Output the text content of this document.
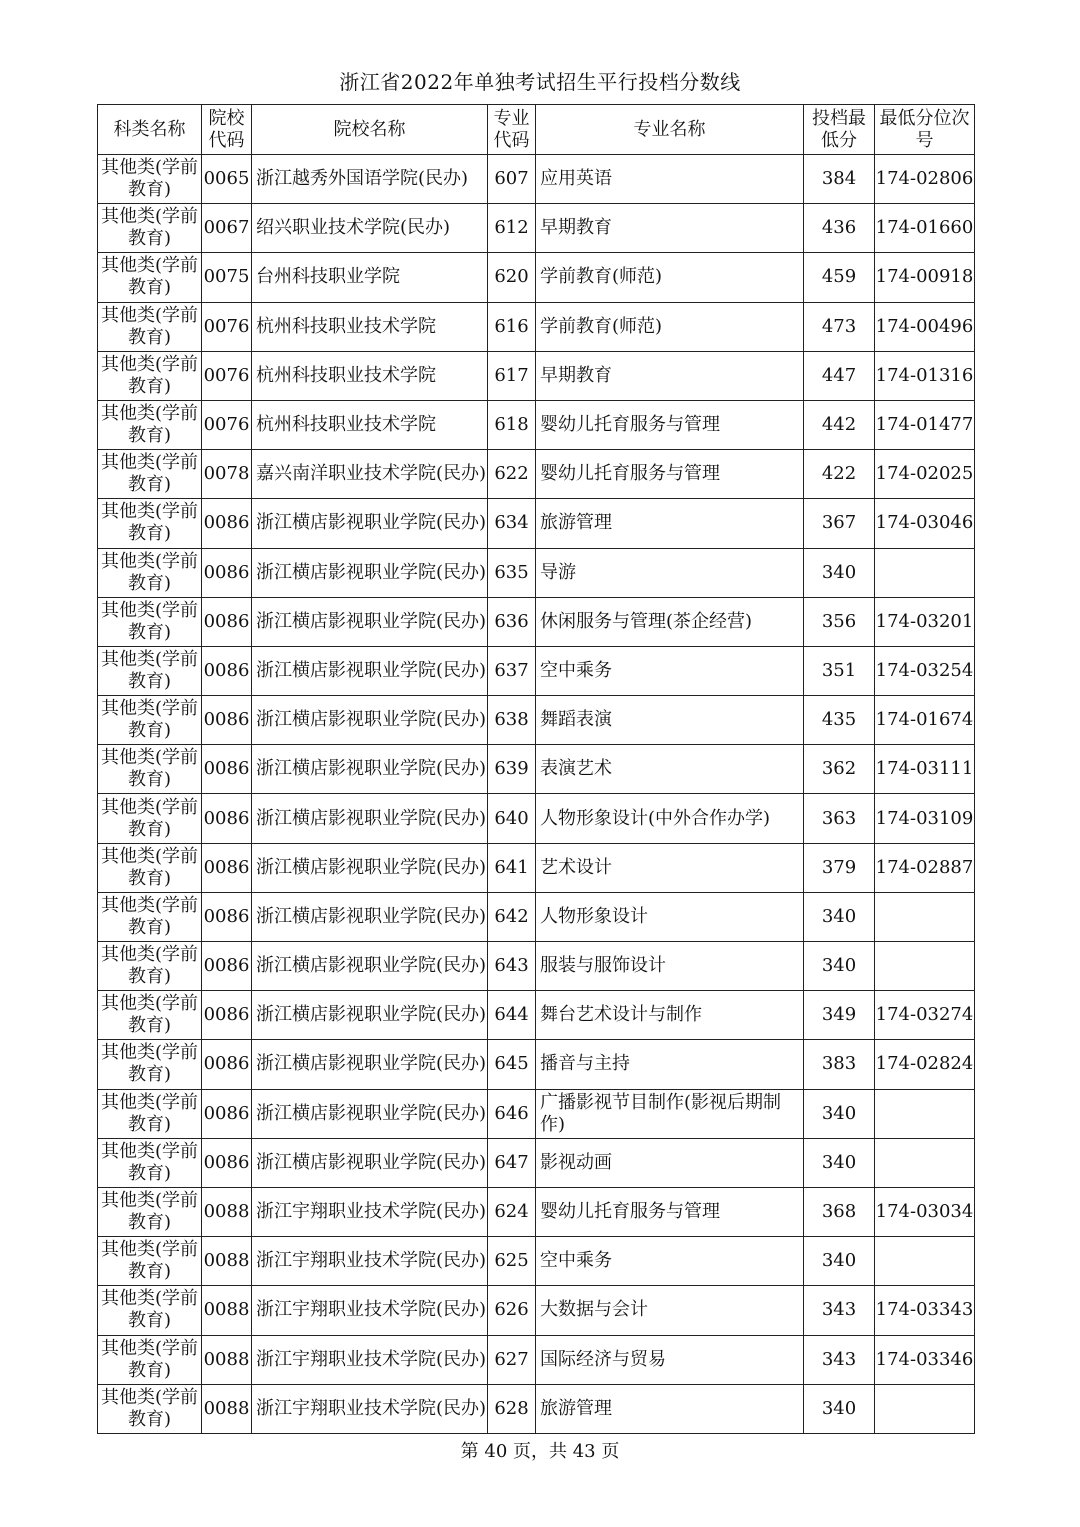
浙江省2022年单独考试招生平行投档分数线
科类名称	院校代码	院校名称	专业代码	专业名称	投档最低分	最低分位次号
其他类(学前教育)	0065	浙江越秀外国语学院(民办)	607	应用英语	384	174-02806
其他类(学前教育)	0067	绍兴职业技术学院(民办)	612	早期教育	436	174-01660
其他类(学前教育)	0075	台州科技职业学院	620	学前教育(师范)	459	174-00918
其他类(学前教育)	0076	杭州科技职业技术学院	616	学前教育(师范)	473	174-00496
其他类(学前教育)	0076	杭州科技职业技术学院	617	早期教育	447	174-01316
其他类(学前教育)	0076	杭州科技职业技术学院	618	婴幼儿托育服务与管理	442	174-01477
其他类(学前教育)	0078	嘉兴南洋职业技术学院(民办)	622	婴幼儿托育服务与管理	422	174-02025
其他类(学前教育)	0086	浙江横店影视职业学院(民办)	634	旅游管理	367	174-03046
其他类(学前教育)	0086	浙江横店影视职业学院(民办)	635	导游	340	
其他类(学前教育)	0086	浙江横店影视职业学院(民办)	636	休闲服务与管理(茶企经营)	356	174-03201
其他类(学前教育)	0086	浙江横店影视职业学院(民办)	637	空中乘务	351	174-03254
其他类(学前教育)	0086	浙江横店影视职业学院(民办)	638	舞蹈表演	435	174-01674
其他类(学前教育)	0086	浙江横店影视职业学院(民办)	639	表演艺术	362	174-03111
其他类(学前教育)	0086	浙江横店影视职业学院(民办)	640	人物形象设计(中外合作办学)	363	174-03109
其他类(学前教育)	0086	浙江横店影视职业学院(民办)	641	艺术设计	379	174-02887
其他类(学前教育)	0086	浙江横店影视职业学院(民办)	642	人物形象设计	340	
其他类(学前教育)	0086	浙江横店影视职业学院(民办)	643	服装与服饰设计	340	
其他类(学前教育)	0086	浙江横店影视职业学院(民办)	644	舞台艺术设计与制作	349	174-03274
其他类(学前教育)	0086	浙江横店影视职业学院(民办)	645	播音与主持	383	174-02824
其他类(学前教育)	0086	浙江横店影视职业学院(民办)	646	广播影视节目制作(影视后期制作)	340	
其他类(学前教育)	0086	浙江横店影视职业学院(民办)	647	影视动画	340	
其他类(学前教育)	0088	浙江宇翔职业技术学院(民办)	624	婴幼儿托育服务与管理	368	174-03034
其他类(学前教育)	0088	浙江宇翔职业技术学院(民办)	625	空中乘务	340	
其他类(学前教育)	0088	浙江宇翔职业技术学院(民办)	626	大数据与会计	343	174-03343
其他类(学前教育)	0088	浙江宇翔职业技术学院(民办)	627	国际经济与贸易	343	174-03346
其他类(学前教育)	0088	浙江宇翔职业技术学院(民办)	628	旅游管理	340	
第 40 页，共 43 页
